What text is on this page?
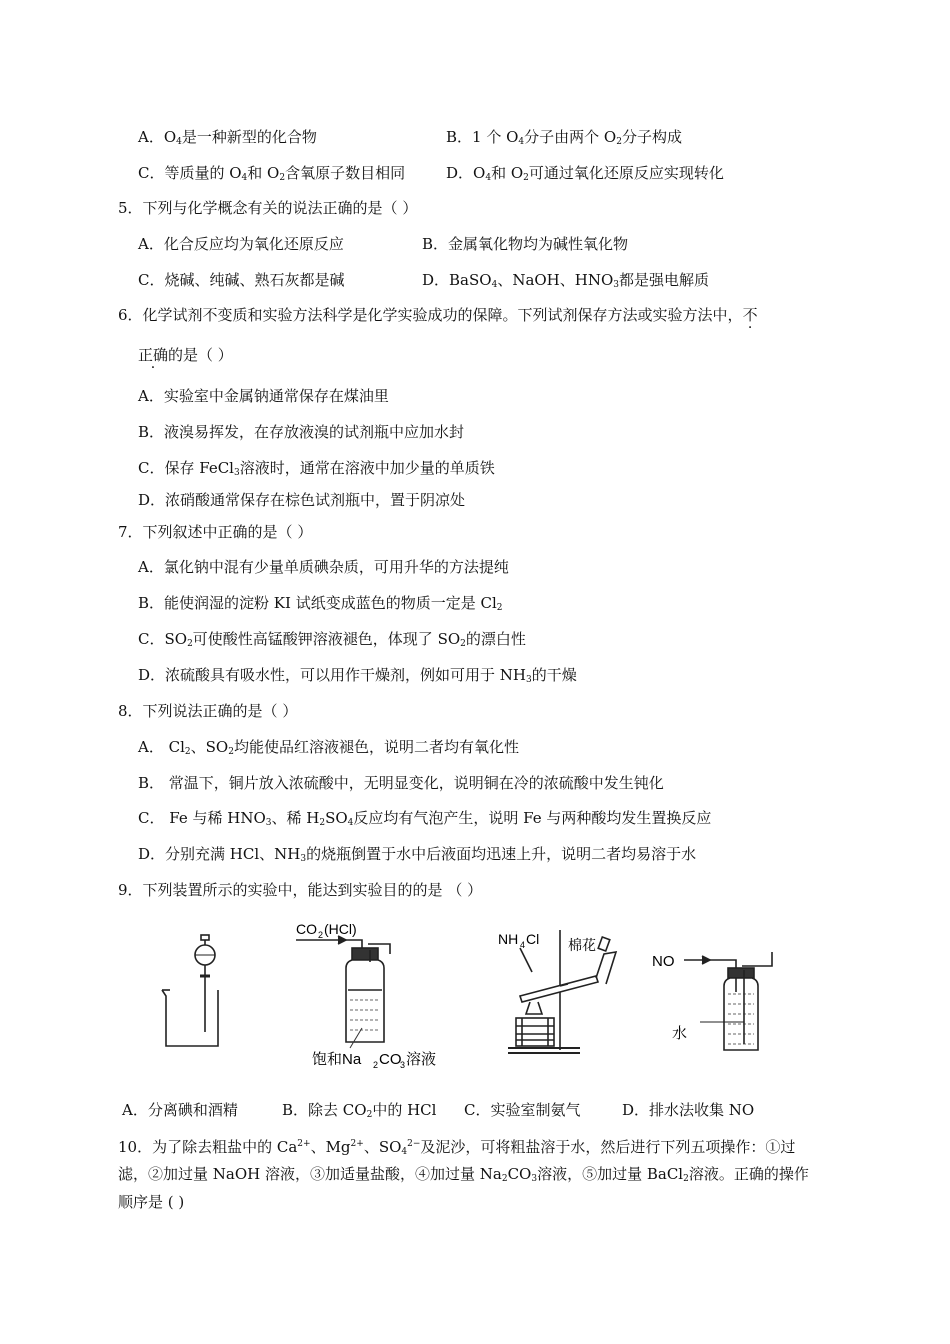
A．$O_4$是一种新型的化合物	B．1 个 $O_4$分子由两个 $O_2$分子构成
C．等质量的 $O_4$和 $O_2$含氧原子数目相同	D．$O_4$和 $O_2$可通过氧化还原反应实现转化
5．下列与化学概念有关的说法正确的是（ ）
A．化合反应均为氧化还原反应	B．金属氧化物均为碱性氧化物
C．烧碱、纯碱、熟石灰都是碱	D．BaSO$_4$、NaOH、$HNO_3$都是强电解质
6．化学试剂不变质和实验方法科学是化学实验成功的保障。下列试剂保存方法或实验方法中，不
正确的是（ ）
A．实验室中金属钠通常保存在煤油里
B．液溴易挥发，在存放液溴的试剂瓶中应加水封
C．保存 FeCl$_3$溶液时，通常在溶液中加少量的单质铁
D．浓硝酸通常保存在棕色试剂瓶中，置于阴凉处
7．下列叙述中正确的是（ ）
A．氯化钠中混有少量单质碘杂质，可用升华的方法提纯
B．能使润湿的淀粉 KI 试纸变成蓝色的物质一定是 $Cl_2$
C．$SO_2$可使酸性高锰酸钾溶液褪色，体现了 $SO_2$的漂白性
D．浓硫酸具有吸水性，可以用作干燥剂，例如可用于 $NH_3$的干燥
8．下列说法正确的是（ ）
A． $Cl_2$、$SO_2$均能使品红溶液褪色，说明二者均有氧化性
B． 常温下，铜片放入浓硫酸中，无明显变化，说明铜在冷的浓硫酸中发生钝化
C． Fe 与稀 $HNO_3$、稀 $H_2SO_4$反应均有气泡产生，说明 Fe 与两种酸均发生置换反应
D．分别充满 HCl、$NH_3$的烧瓶倒置于水中后液面均迅速上升，说明二者均易溶于水
9．下列装置所示的实验中，能达到实验目的的是 （ ）
CO 2 (HCl)
饱和Na 2 CO
3 溶液
NH 4 Cl 棉花
NO
水
A．分离碘和酒精	B．除去 $CO_2$中的 HCl C．实验室制氨气	D．排水法收集 NO
10．为了除去粗盐中的 $Ca^{2+}$、$Mg^{2+}$、$SO_4^{2-}$及泥沙，可将粗盐溶于水，然后进行下列五项操作：①过
滤，②加过量 NaOH 溶液，③加适量盐酸，④加过量 $Na_2CO_3$溶液，⑤加过量 BaCl$_2$溶液。正确的操作
顺序是 ( )
